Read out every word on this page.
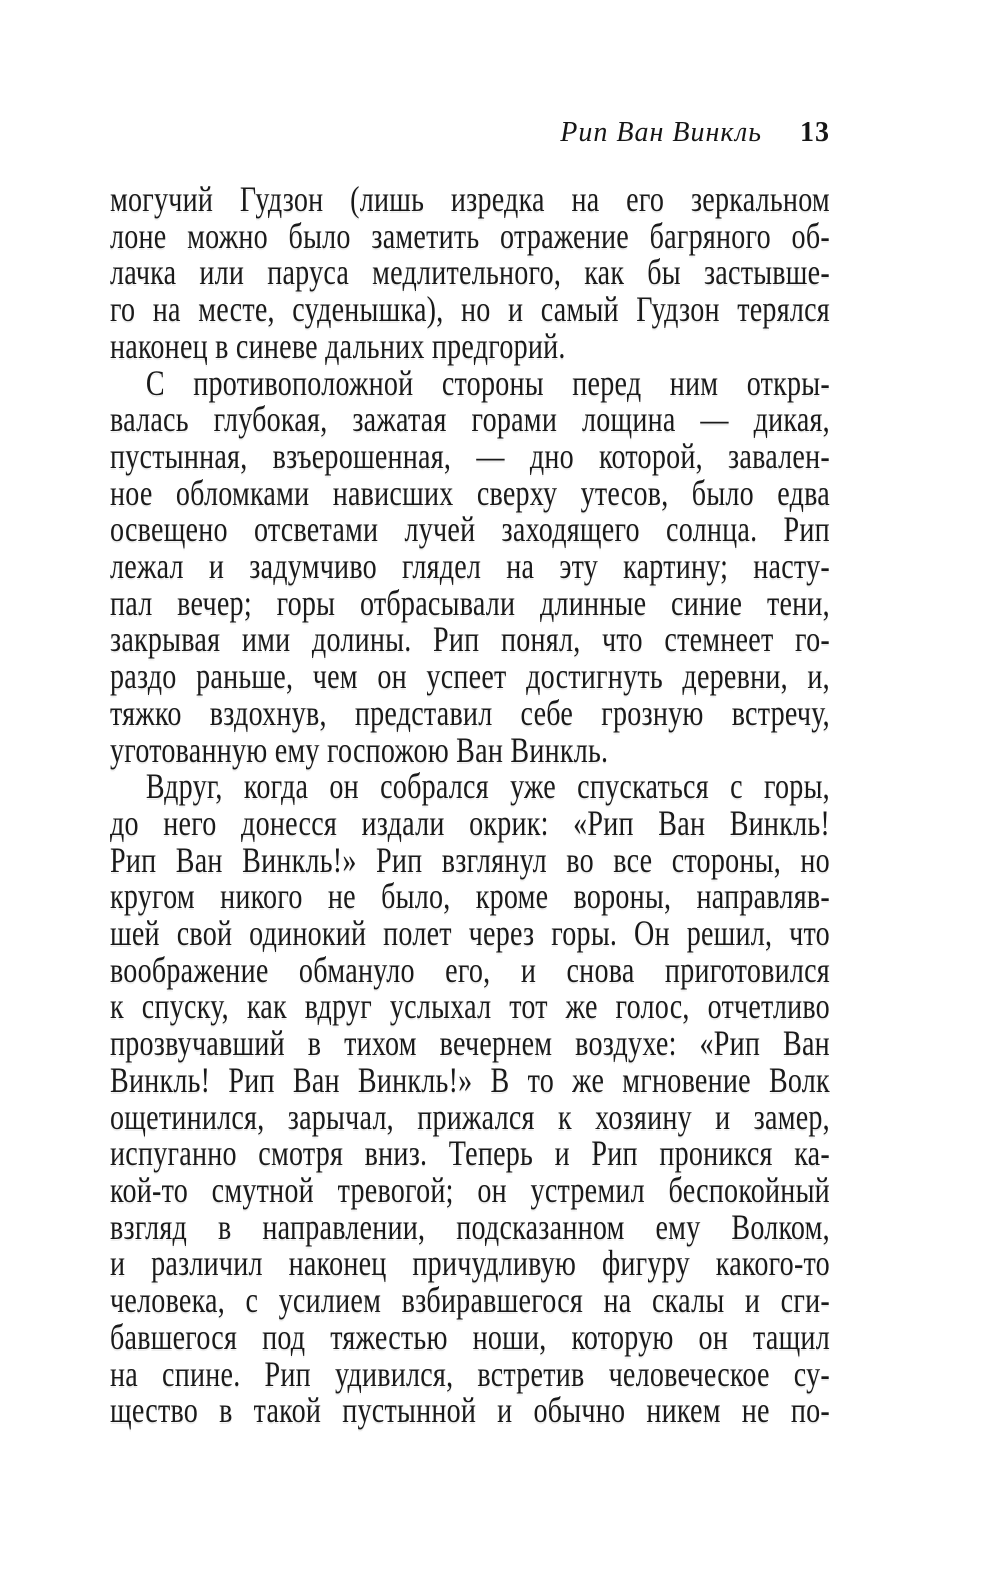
Рип Ван Винкль 13
могучий Гудзон (лишь изредка на его зеркальном
лоне можно было заметить отражение багряного об-
лачка или паруса медлительного, как бы застывше-
го на месте, суденышка), но и самый Гудзон терялся
наконец в синеве дальних предгорий.
С противоположной стороны перед ним откры-
валась глубокая, зажатая горами лощина — дикая,
пустынная, взъерошенная, — дно которой, завален-
ное обломками нависших сверху утесов, было едва
освещено отсветами лучей заходящего солнца. Рип
лежал и задумчиво глядел на эту картину; насту-
пал вечер; горы отбрасывали длинные синие тени,
закрывая ими долины. Рип понял, что стемнеет го-
раздо раньше, чем он успеет достигнуть деревни, и,
тяжко вздохнув, представил себе грозную встречу,
уготованную ему госпожою Ван Винкль.
Вдруг, когда он собрался уже спускаться с горы,
до него донесся издали окрик: «Рип Ван Винкль!
Рип Ван Винкль!» Рип взглянул во все стороны, но
кругом никого не было, кроме вороны, направляв-
шей свой одинокий полет через горы. Он решил, что
воображение обмануло его, и снова приготовился
к спуску, как вдруг услыхал тот же голос, отчетливо
прозвучавший в тихом вечернем воздухе: «Рип Ван
Винкль! Рип Ван Винкль!» В то же мгновение Волк
ощетинился, зарычал, прижался к хозяину и замер,
испуганно смотря вниз. Теперь и Рип проникся ка-
кой-то смутной тревогой; он устремил беспокойный
взгляд в направлении, подсказанном ему Волком,
и различил наконец причудливую фигуру какого-то
человека, с усилием взбиравшегося на скалы и сги-
бавшегося под тяжестью ноши, которую он тащил
на спине. Рип удивился, встретив человеческое су-
щество в такой пустынной и обычно никем не по-
